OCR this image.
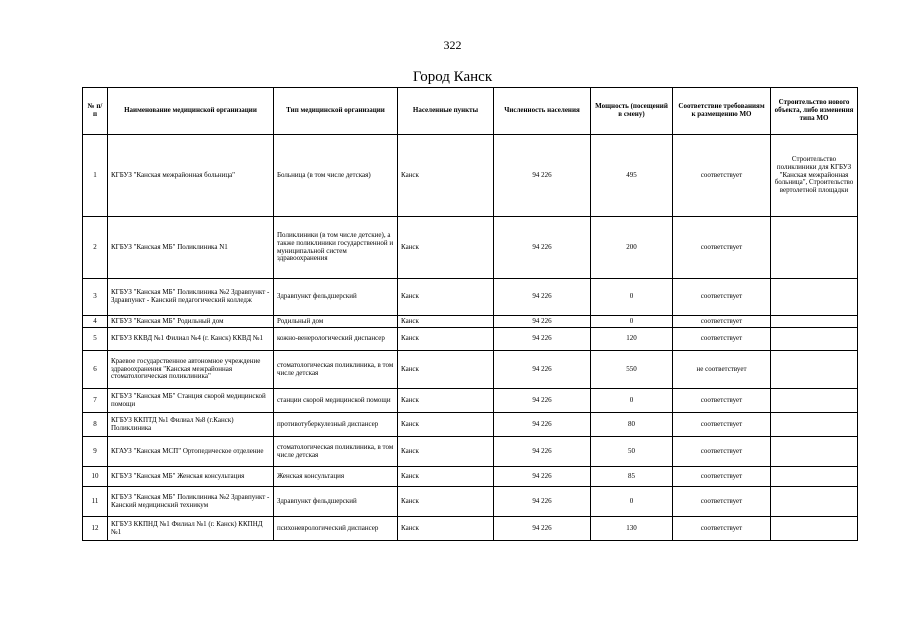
322
Город Канск
№ п/п	Наименование медицинской организации	Тип медицинской организации	Населенные пункты	Численность населения	Мощность (посещений в смену)	Соответствие требованиям к размещению МО	Строительство нового объекта, либо изменения типа МО
1	КГБУЗ "Канская межрайонная больница"	Больница (в том числе детская)	Канск	94 226	495	соответствует	Строительство поликлиники для КГБУЗ "Канская межрайонная больница", Строительство вертолетной площадки
2	КГБУЗ "Канская МБ" Поликлиника N1	Поликлиники (в том числе детские), а также поликлиники государственной и муниципальной систем здравоохранения	Канск	94 226	200	соответствует	
3	КГБУЗ "Канская МБ" Поликлиника №2 Здравпункт - Здравпункт - Канский педагогический колледж	Здравпункт фельдшерский	Канск	94 226	0	соответствует	
4	КГБУЗ "Канская МБ" Родильный дом	Родильный дом	Канск	94 226	0	соответствует	
5	КГБУЗ ККВД №1 Филиал №4 (г. Канск) ККВД №1	кожно-венерологический диспансер	Канск	94 226	120	соответствует	
6	Краевое государственное автономное учреждение здравоохранения "Канская межрайонная стоматологическая поликлиника"	стоматологическая поликлиника, в том числе детская	Канск	94 226	550	не соответствует	
7	КГБУЗ "Канская МБ" Станция скорой медицинской помощи	станции скорой медицинской помощи	Канск	94 226	0	соответствует	
8	КГБУЗ ККПТД №1 Филиал №8 (г.Канск) Поликлиника	противотуберкулезный диспансер	Канск	94 226	80	соответствует	
9	КГАУЗ "Канская МСП" Ортопедическое отделение	стоматологическая поликлиника, в том числе детская	Канск	94 226	50	соответствует	
10	КГБУЗ "Канская МБ" Женская консультация	Женская консультация	Канск	94 226	85	соответствует	
11	КГБУЗ "Канская МБ" Поликлиника №2 Здравпункт - Канский медицинский техникум	Здравпункт фельдшерский	Канск	94 226	0	соответствует	
12	КГБУЗ ККПНД №1 Филиал №1 (г. Канск) ККПНД №1	психоневрологический диспансер	Канск	94 226	130	соответствует	
